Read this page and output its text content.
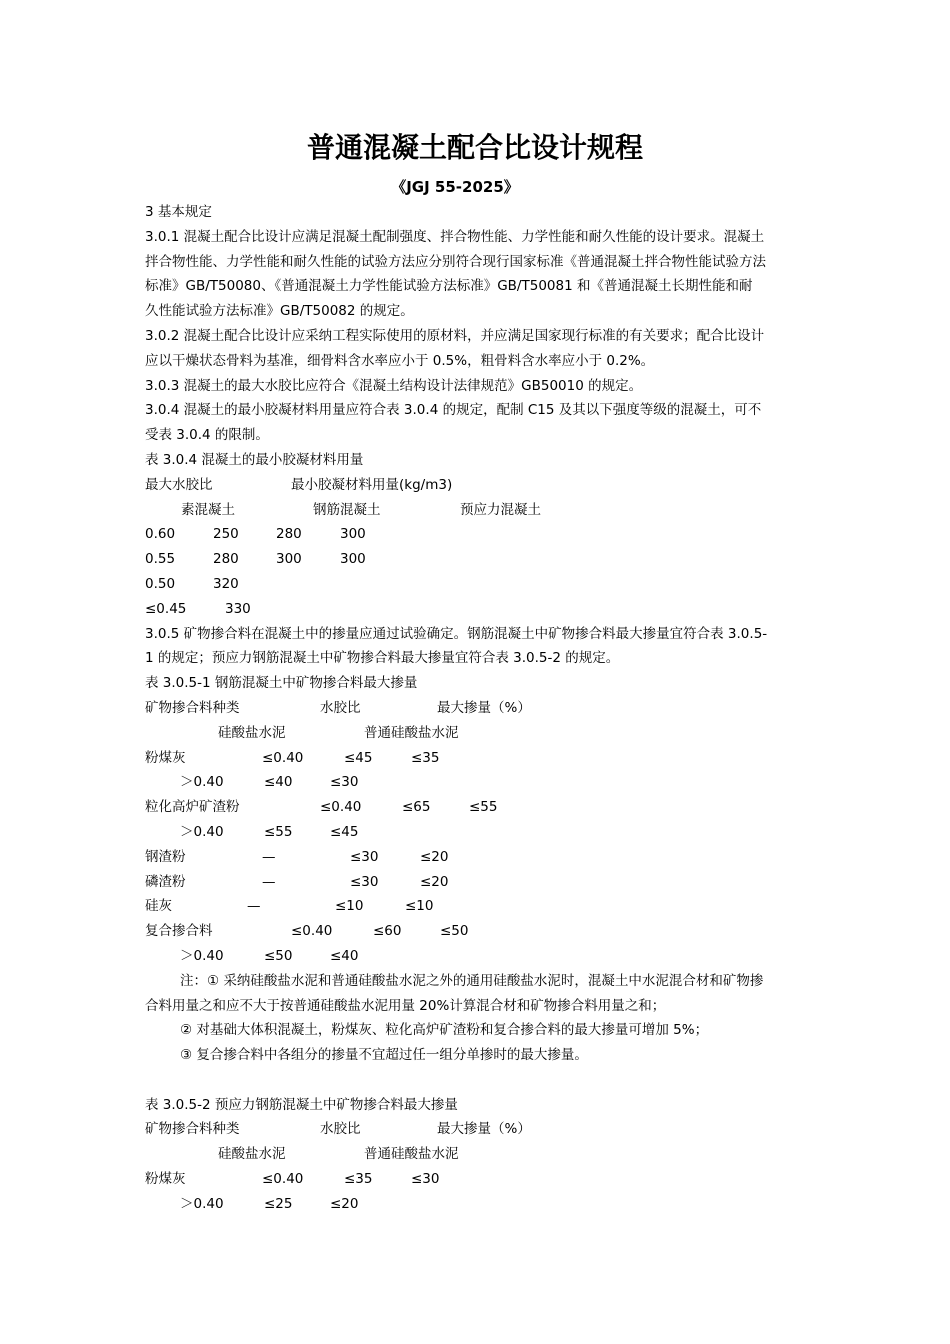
普通混凝土配合比设计规程
《JGJ 55-2025》

3 基本规定

3.0.1 混凝土配合比设计应满足混凝土配制强度、拌合物性能、力学性能和耐久性能的设计要求。混凝土

拌合物性能、力学性能和耐久性能的试验方法应分别符合现行国家标准《普通混凝土拌合物性能试验方法

标准》GB/T50080、《普通混凝土力学性能试验方法标准》GB/T50081 和《普通混凝土长期性能和耐

久性能试验方法标准》GB/T50082 的规定。

3.0.2 混凝土配合比设计应采纳工程实际使用的原材料，并应满足国家现行标准的有关要求；配合比设计

应以干燥状态骨料为基准，细骨料含水率应小于 0.5%，粗骨料含水率应小于 0.2%。

3.0.3 混凝土的最大水胶比应符合《混凝土结构设计法律规范》GB50010 的规定。

3.0.4 混凝土的最小胶凝材料用量应符合表 3.0.4 的规定，配制 C15 及其以下强度等级的混凝土，可不

受表 3.0.4 的限制。

表 3.0.4 混凝土的最小胶凝材料用量

最大水胶比	最小胶凝材料用量(kg/m3)

素混凝土	钢筋混凝土	预应力混凝土

0.60	250	280	300

0.55	280	300	300

0.50	320

≤0.45	330

3.0.5 矿物掺合料在混凝土中的掺量应通过试验确定。钢筋混凝土中矿物掺合料最大掺量宜符合表 3.0.5-

1 的规定；预应力钢筋混凝土中矿物掺合料最大掺量宜符合表 3.0.5-2 的规定。

表 3.0.5-1 钢筋混凝土中矿物掺合料最大掺量

矿物掺合料种类	水胶比	最大掺量（%）

硅酸盐水泥	普通硅酸盐水泥

粉煤灰	≤0.40	≤45	≤35

＞0.40	≤40	≤30

粒化高炉矿渣粉	≤0.40	≤65	≤55

＞0.40	≤55	≤45

钢渣粉	—	≤30	≤20

磷渣粉	—	≤30	≤20

硅灰	—	≤10	≤10

复合掺合料	≤0.40	≤60	≤50

＞0.40	≤50	≤40

注：① 采纳硅酸盐水泥和普通硅酸盐水泥之外的通用硅酸盐水泥时，混凝土中水泥混合材和矿物掺

合料用量之和应不大于按普通硅酸盐水泥用量 20%计算混合材和矿物掺合料用量之和；

② 对基础大体积混凝土，粉煤灰、粒化高炉矿渣粉和复合掺合料的最大掺量可增加 5%；

③ 复合掺合料中各组分的掺量不宜超过任一组分单掺时的最大掺量。

表 3.0.5-2 预应力钢筋混凝土中矿物掺合料最大掺量

矿物掺合料种类	水胶比	最大掺量（%）

硅酸盐水泥	普通硅酸盐水泥

粉煤灰	≤0.40	≤35	≤30

＞0.40	≤25	≤20
